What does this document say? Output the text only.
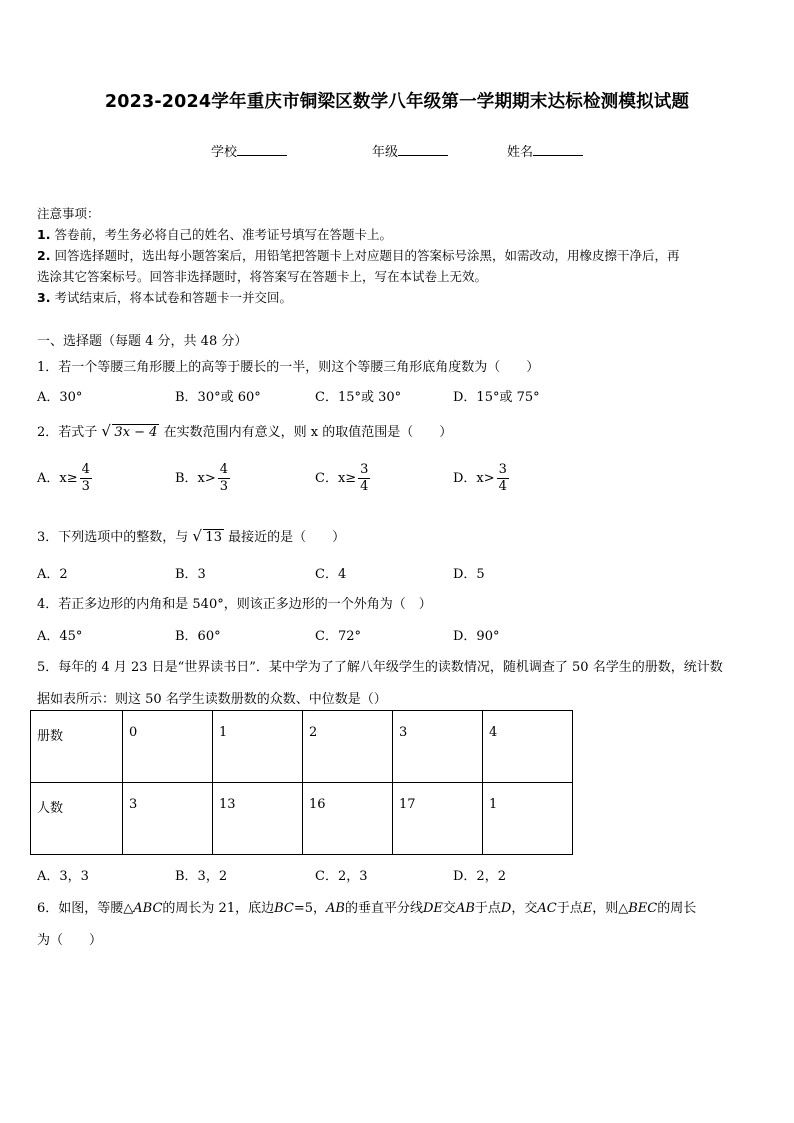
2023-2024学年重庆市铜梁区数学八年级第一学期期末达标检测模拟试题
学校	年级	姓名
注意事项：
1. 答卷前，考生务必将自己的姓名、准考证号填写在答题卡上。
2. 回答选择题时，选出每小题答案后，用铅笔把答题卡上对应题目的答案标号涂黑，如需改动，用橡皮擦干净后，再
选涂其它答案标号。回答非选择题时，将答案写在答题卡上，写在本试卷上无效。
3. 考试结束后，将本试卷和答题卡一并交回。
一、选择题（每题 4 分，共 48 分）
1．若一个等腰三角形腰上的高等于腰长的一半，则这个等腰三角形底角度数为（　　）
A．30°	B．30°或 60°	C．15°或 30°	D．15°或 75°
2．若式子 √ 3x − 4 在实数范围内有意义，则 x 的取值范围是（　　）
A．$x\ge \frac{4}{3}$	B．$x> \frac{4}{3}$	C．$x\ge \frac{3}{4}$	D．$x> \frac{3}{4}$
3．下列选项中的整数，与 √ 13 最接近的是（　　）
A．2	B．3	C．4	D．5
4．若正多边形的内角和是 540°，则该正多边形的一个外角为（　）
A．45°	B．60°	C．72°	D．90°
5．每年的 4 月 23 日是“世界读书日”．某中学为了了解八年级学生的读数情况，随机调查了 50 名学生的册数，统计数
据如表所示：则这 50 名学生读数册数的众数、中位数是（）
册数	0	1	2	3	4
人数	3	13	16	17	1
A．3，3	B．3，2	C．2，3	D．2，2
6．如图，等腰△ABC的周长为 21，底边BC=5，AB的垂直平分线DE交AB于点D，交AC于点E，则△BEC的周长
为（　　）
